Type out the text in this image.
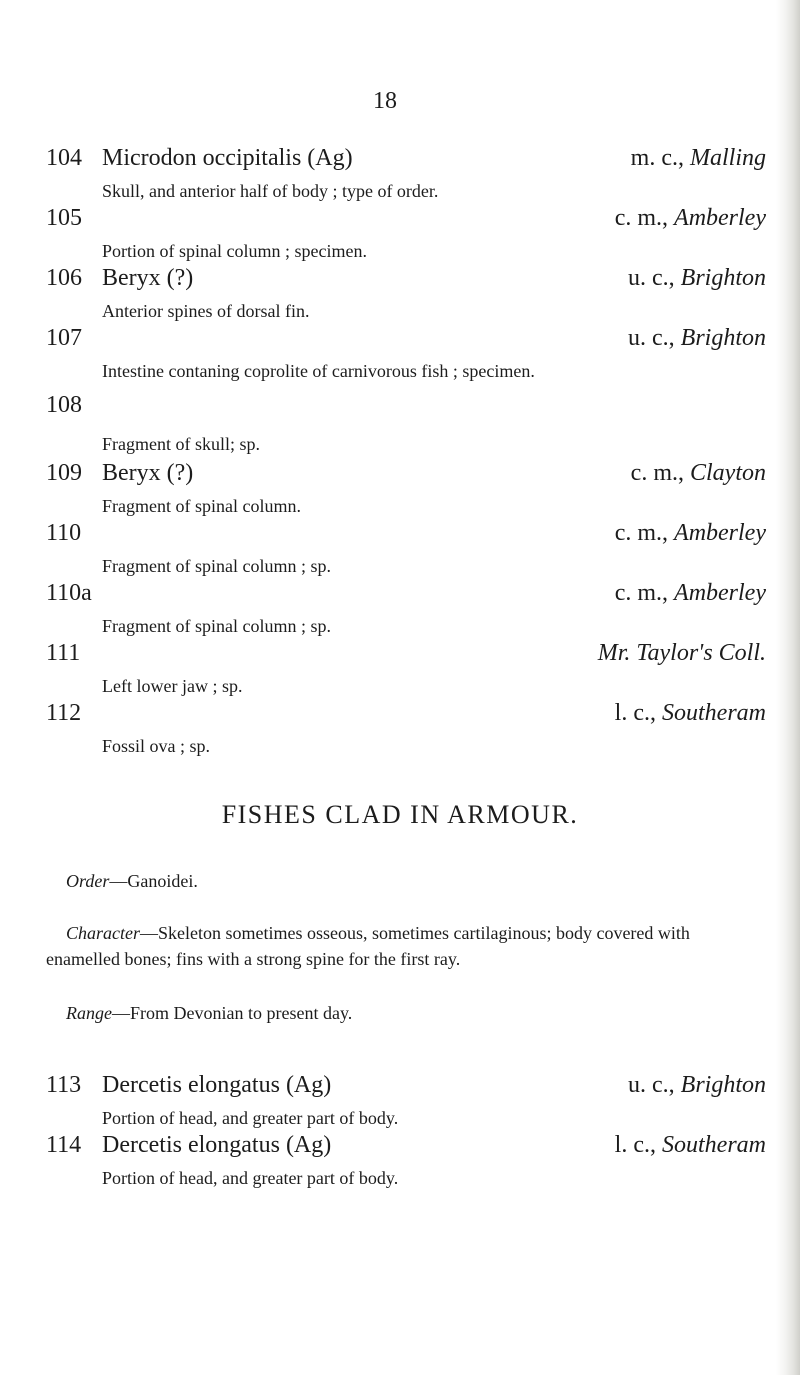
18
104 Microdon occipitalis (Ag)	m. c., Malling
Skull, and anterior half of body ; type of order.
105	c. m., Amberley
Portion of spinal column ; specimen.
106 Beryx (?)	u. c., Brighton
Anterior spines of dorsal fin.
107	u. c., Brighton
Intestine contaning coprolite of carnivorous fish ; specimen.
108
Fragment of skull; sp.
109 Beryx (?)	c. m., Clayton
Fragment of spinal column.
110	c. m., Amberley
Fragment of spinal column ; sp.
110a	c. m., Amberley
Fragment of spinal column ; sp.
111	Mr. Taylor's Coll.
Left lower jaw ; sp.
112	l. c., Southeram
Fossil ova ; sp.
FISHES CLAD IN ARMOUR.
Order—Ganoidei.
Character—Skeleton sometimes osseous, sometimes cartilaginous; body covered with enamelled bones; fins with a strong spine for the first ray.
Range—From Devonian to present day.
113 Dercetis elongatus (Ag)	u. c., Brighton
Portion of head, and greater part of body.
114 Dercetis elongatus (Ag)	l. c., Southeram
Portion of head, and greater part of body.
